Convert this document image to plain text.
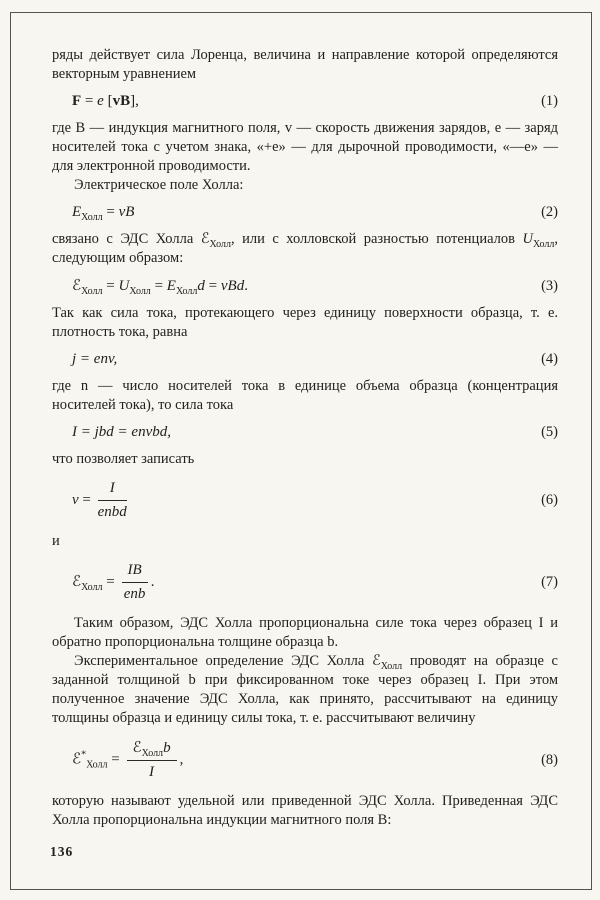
ряды действует сила Лоренца, величина и направление которой определяются векторным уравнением

F = e [vB],	(1)

где В — индукция магнитного поля, v — скорость движения зарядов, е — заряд носителей тока с учетом знака, «+е» — для дырочной проводимости, «—е» — для электронной проводимости.

Электрическое поле Холла:

$E_{Холл}$ = vB	(2)

связано с ЭДС Холла ℰ$_{Холл}$, или с холловской разностью потенциалов $U_{Холл}$, следующим образом:

ℰ$_{Холл}$ = $U_{Холл} = E_{Холл}d$ = vBd.	(3)

Так как сила тока, протекающего через единицу поверхности образца, т. е. плотность тока, равна

j = env,	(4)

где n — число носителей тока в единице объема образца (концентрация носителей тока), то сила тока

I = jbd = envbd,	(5)

что позволяет записать

$v = \frac{I}{\text{enbd}}$	(6)

и

ℰ$_{Холл}$ = $\frac{IB}{\text{enb}}$ .	(7)

Таким образом, ЭДС Холла пропорциональна силе тока через образец I и обратно пропорциональна толщине образца b.

Экспериментальное определение ЭДС Холла ℰ$_{Холл}$ проводят на образце с заданной толщиной b при фиксированном токе через образец I. При этом полученное значение ЭДС Холла, как принято, рассчитывают на единицу толщины образца и единицу силы тока, т. е. рассчитывают величину

ℰ*$_{Холл}$ = $\frac{ℰ_{Холл}b}{I}$ ,	(8)

которую называют удельной или приведенной ЭДС Холла. Приведенная ЭДС Холла пропорциональна индукции магнитного поля В:

136
